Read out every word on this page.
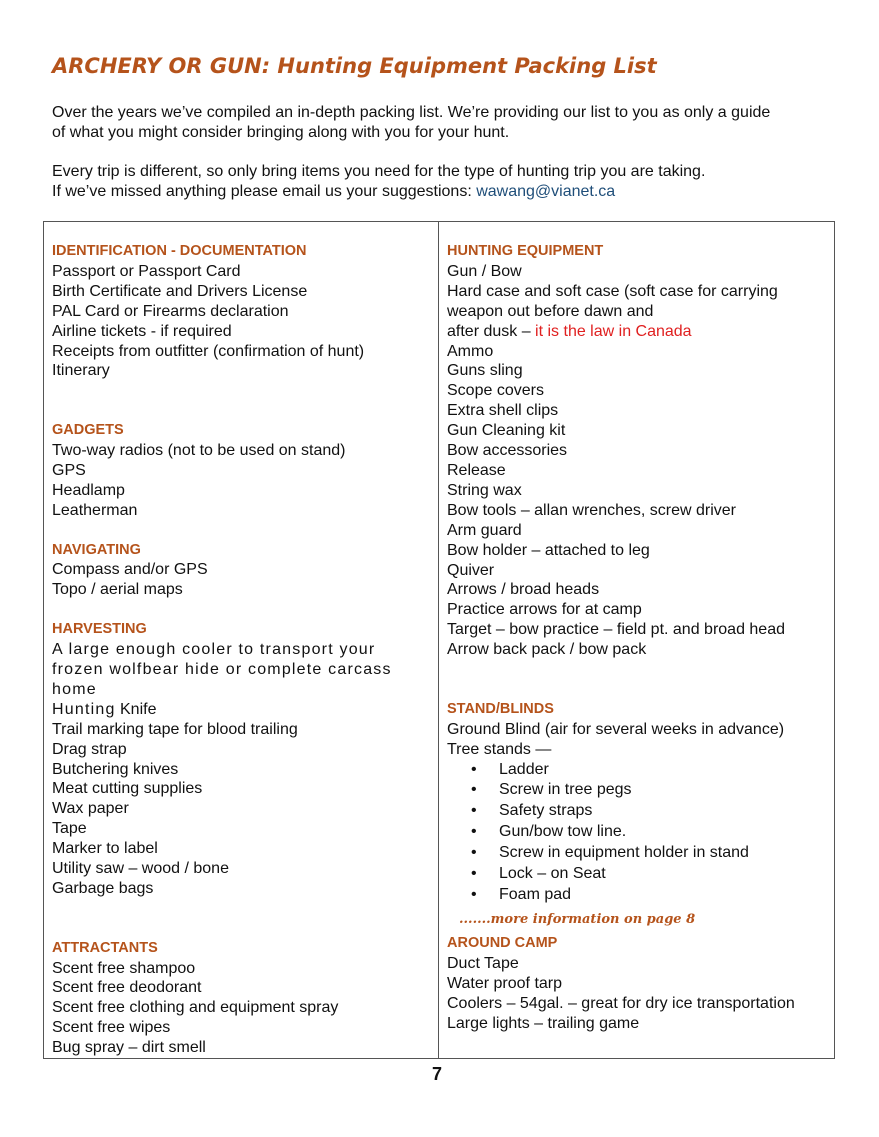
ARCHERY OR GUN: Hunting Equipment Packing List
Over the years we’ve compiled an in-depth packing list. We’re providing our list to you as only a guide
of what you might consider bringing along with you for your hunt.
Every trip is different, so only bring items you need for the type of hunting trip you are taking.
If we’ve missed anything please email us your suggestions: wawang@vianet.ca
IDENTIFICATION - DOCUMENTATION
Passport or Passport Card
Birth Certificate and Drivers License
PAL Card or Firearms declaration
Airline tickets - if required
Receipts from outfitter (confirmation of hunt)
Itinerary
GADGETS
Two-way radios (not to be used on stand)
GPS
Headlamp
Leatherman
NAVIGATING
Compass and/or GPS
Topo / aerial maps
HARVESTING
A large enough cooler to transport your
frozen wolfbear hide or complete carcass
home
Hunting Knife
Trail marking tape for blood trailing
Drag strap
Butchering knives
Meat cutting supplies
Wax paper
Tape
Marker to label
Utility saw – wood / bone
Garbage bags
ATTRACTANTS
Scent free shampoo
Scent free deodorant
Scent free clothing and equipment spray
Scent free wipes
Bug spray – dirt smell
HUNTING EQUIPMENT
Gun / Bow
Hard case and soft case (soft case for carrying
weapon out before dawn and
after dusk – it is the law in Canada
Ammo
Guns sling
Scope covers
Extra shell clips
Gun Cleaning kit
Bow accessories
Release
String wax
Bow tools – allan wrenches, screw driver
Arm guard
Bow holder – attached to leg
Quiver
Arrows / broad heads
Practice arrows for at camp
Target – bow practice – field pt. and broad head
Arrow back pack / bow pack
STAND/BLINDS
Ground Blind (air for several weeks in advance)
Tree stands —
• Ladder
• Screw in tree pegs
• Safety straps
• Gun/bow tow line.
• Screw in equipment holder in stand
• Lock – on Seat
• Foam pad
.......more information on page 8
AROUND CAMP
Duct Tape
Water proof tarp
Coolers – 54gal. – great for dry ice transportation
Large lights – trailing game
7
